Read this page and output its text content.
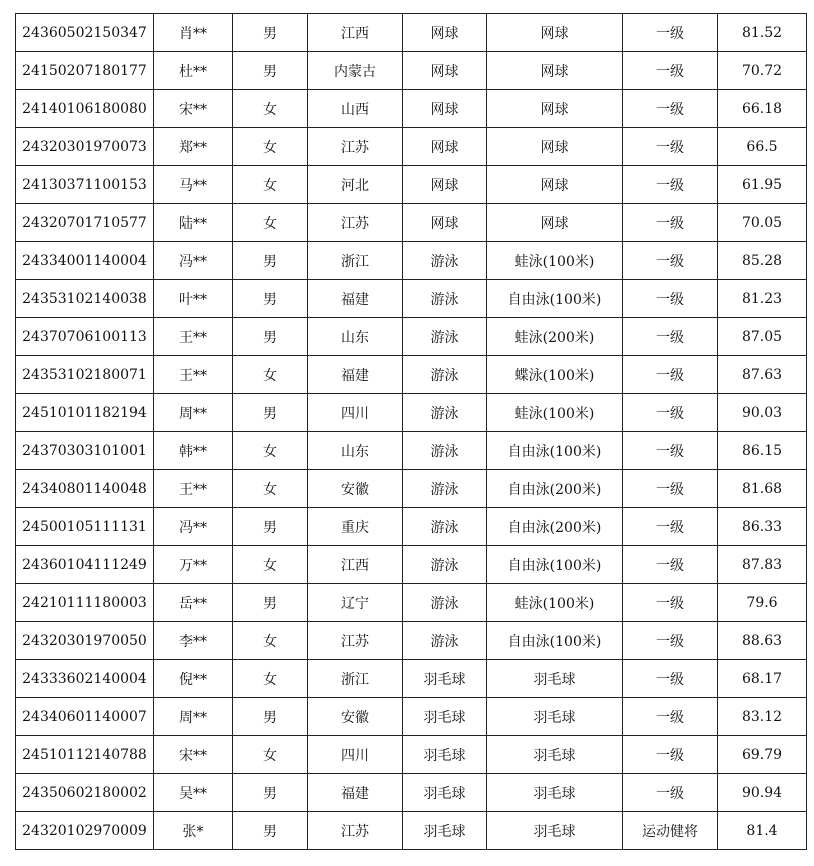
24360502150347	肖**	男	江西	网球	网球	一级	81.52
24150207180177	杜**	男	内蒙古	网球	网球	一级	70.72
24140106180080	宋**	女	山西	网球	网球	一级	66.18
24320301970073	郑**	女	江苏	网球	网球	一级	66.5
24130371100153	马**	女	河北	网球	网球	一级	61.95
24320701710577	陆**	女	江苏	网球	网球	一级	70.05
24334001140004	冯**	男	浙江	游泳	蛙泳(100米)	一级	85.28
24353102140038	叶**	男	福建	游泳	自由泳(100米)	一级	81.23
24370706100113	王**	男	山东	游泳	蛙泳(200米)	一级	87.05
24353102180071	王**	女	福建	游泳	蝶泳(100米)	一级	87.63
24510101182194	周**	男	四川	游泳	蛙泳(100米)	一级	90.03
24370303101001	韩**	女	山东	游泳	自由泳(100米)	一级	86.15
24340801140048	王**	女	安徽	游泳	自由泳(200米)	一级	81.68
24500105111131	冯**	男	重庆	游泳	自由泳(200米)	一级	86.33
24360104111249	万**	女	江西	游泳	自由泳(100米)	一级	87.83
24210111180003	岳**	男	辽宁	游泳	蛙泳(100米)	一级	79.6
24320301970050	李**	女	江苏	游泳	自由泳(100米)	一级	88.63
24333602140004	倪**	女	浙江	羽毛球	羽毛球	一级	68.17
24340601140007	周**	男	安徽	羽毛球	羽毛球	一级	83.12
24510112140788	宋**	女	四川	羽毛球	羽毛球	一级	69.79
24350602180002	吴**	男	福建	羽毛球	羽毛球	一级	90.94
24320102970009	张*	男	江苏	羽毛球	羽毛球	运动健将	81.4
